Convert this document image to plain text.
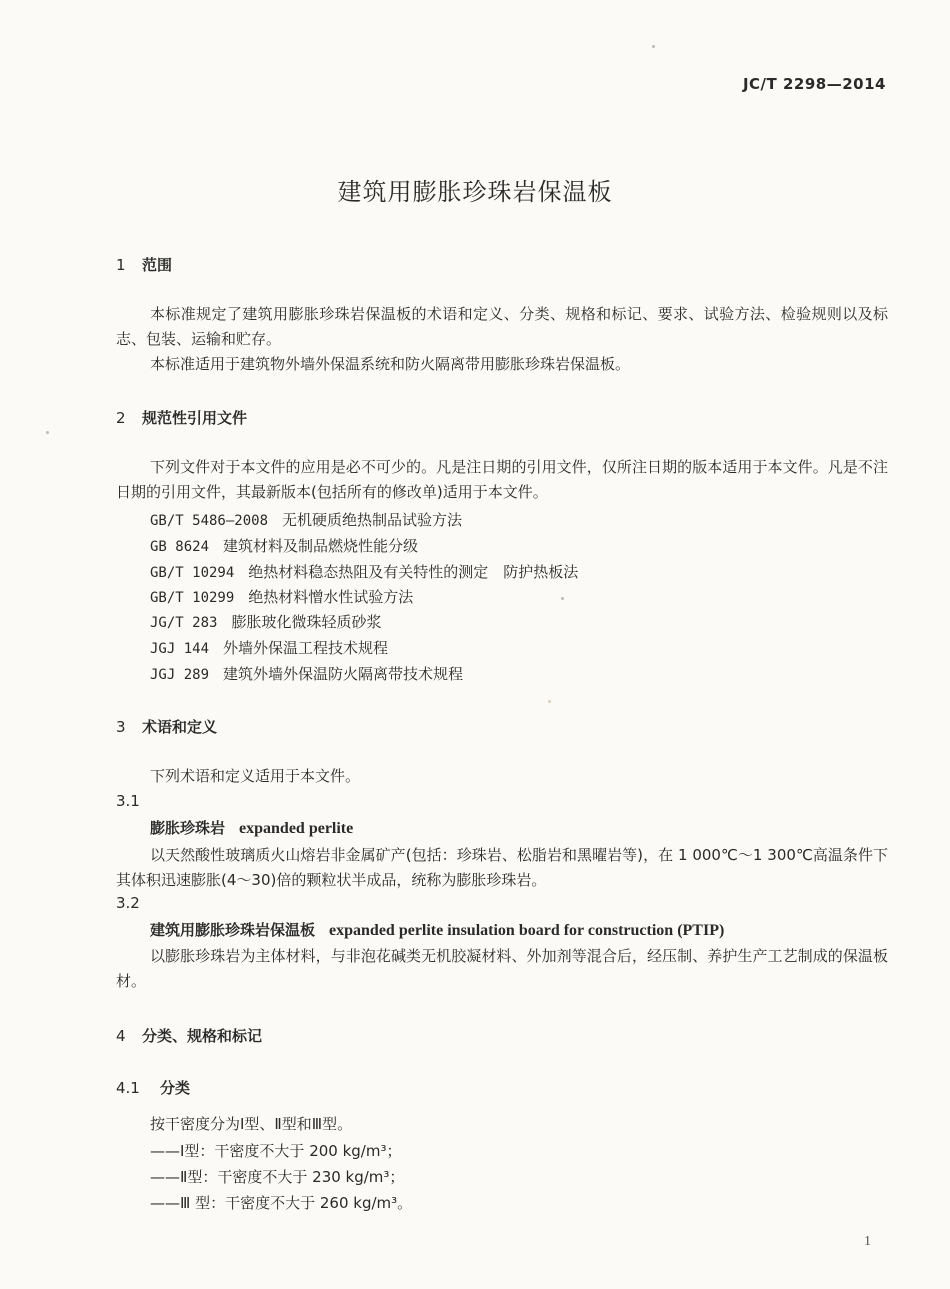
JC/T 2298—2014
建筑用膨胀珍珠岩保温板
1 范围
本标准规定了建筑用膨胀珍珠岩保温板的术语和定义、分类、规格和标记、要求、试验方法、检验规则以及标志、包装、运输和贮存。
本标准适用于建筑物外墙外保温系统和防火隔离带用膨胀珍珠岩保温板。
2 规范性引用文件
下列文件对于本文件的应用是必不可少的。凡是注日期的引用文件，仅所注日期的版本适用于本文件。凡是不注日期的引用文件，其最新版本(包括所有的修改单)适用于本文件。
GB/T 5486—2008 无机硬质绝热制品试验方法
GB 8624 建筑材料及制品燃烧性能分级
GB/T 10294 绝热材料稳态热阻及有关特性的测定　防护热板法
GB/T 10299 绝热材料憎水性试验方法
JG/T 283 膨胀玻化微珠轻质砂浆
JGJ 144 外墙外保温工程技术规程
JGJ 289 建筑外墙外保温防火隔离带技术规程
3 术语和定义
下列术语和定义适用于本文件。
3.1
膨胀珍珠岩 expanded perlite
以天然酸性玻璃质火山熔岩非金属矿产(包括：珍珠岩、松脂岩和黑曜岩等)，在 1 000℃～1 300℃高温条件下其体积迅速膨胀(4～30)倍的颗粒状半成品，统称为膨胀珍珠岩。
3.2
建筑用膨胀珍珠岩保温板 expanded perlite insulation board for construction (PTIP)
以膨胀珍珠岩为主体材料，与非泡花碱类无机胶凝材料、外加剂等混合后，经压制、养护生产工艺制成的保温板材。
4 分类、规格和标记
4.1 分类
按干密度分为Ⅰ型、Ⅱ型和Ⅲ型。
——Ⅰ型：干密度不大于 200 kg/m³；
——Ⅱ型：干密度不大于 230 kg/m³；
——Ⅲ 型：干密度不大于 260 kg/m³。
1
